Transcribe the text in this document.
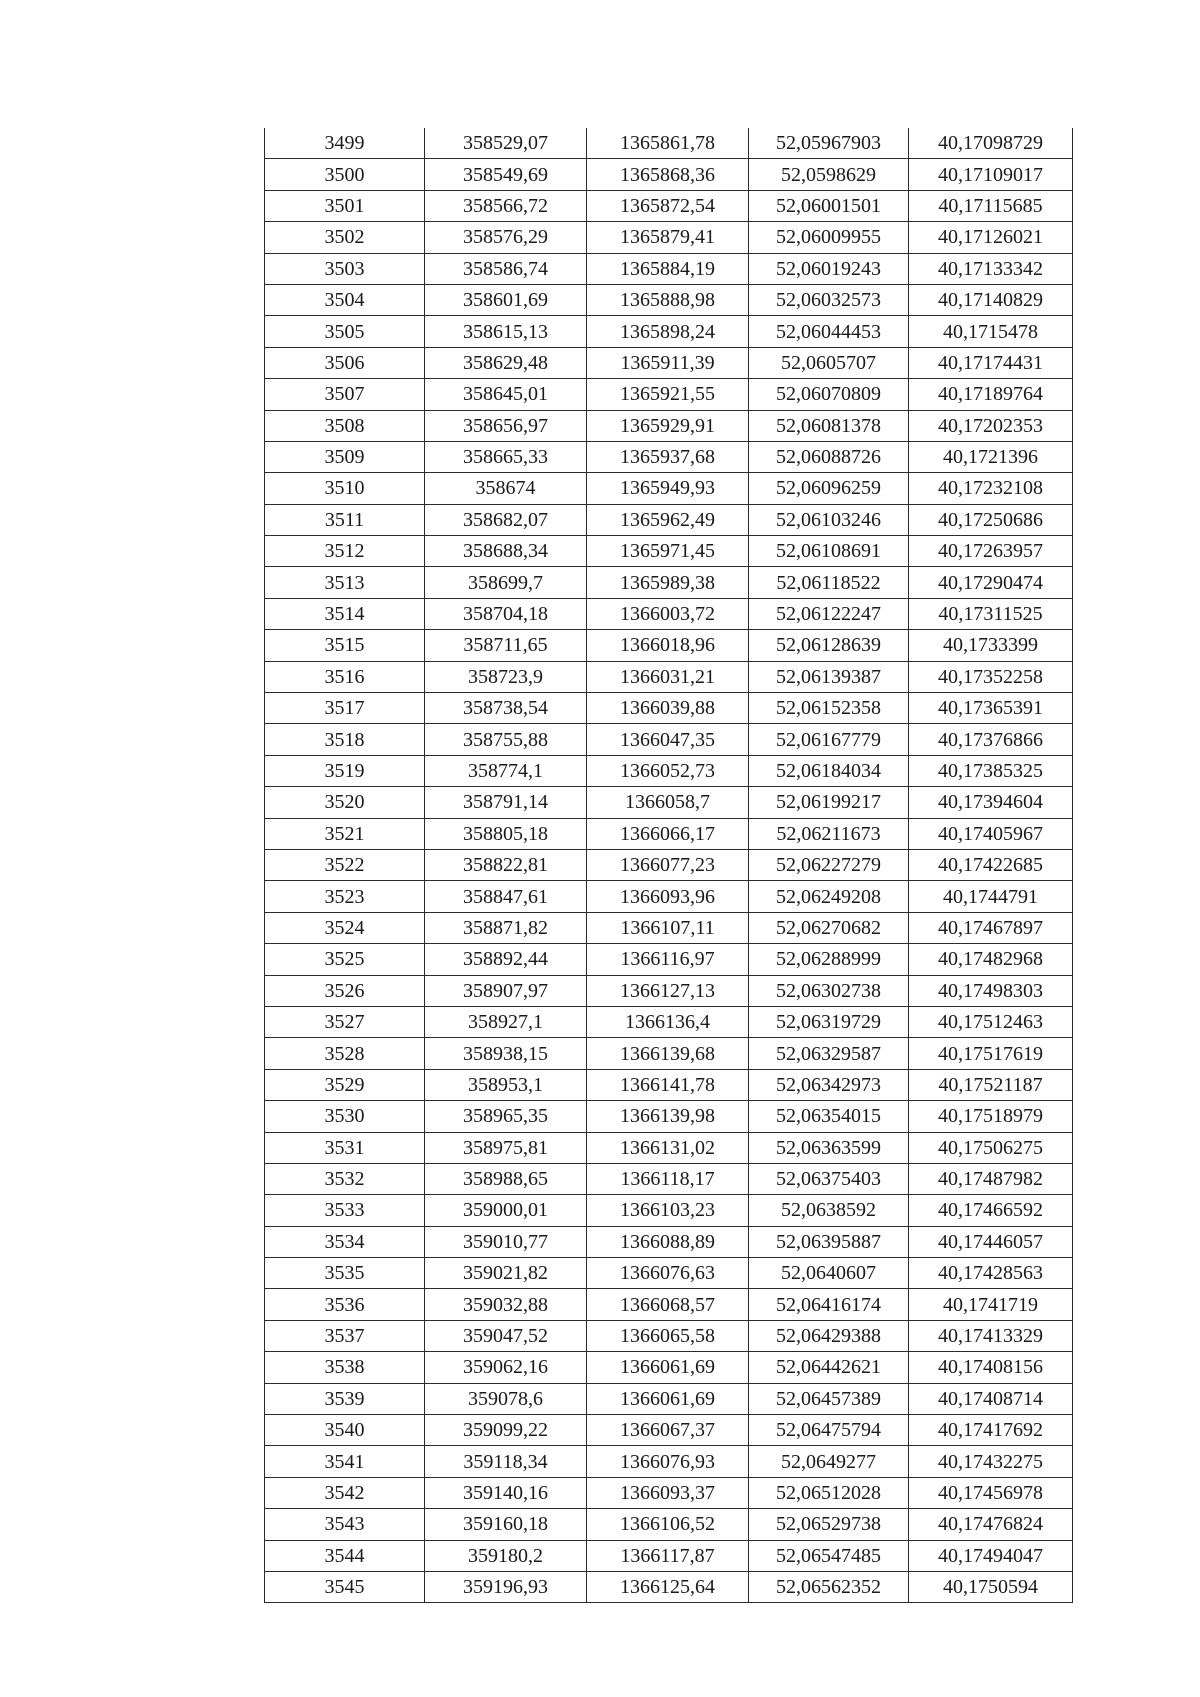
3499	358529,07	1365861,78	52,05967903	40,17098729
3500	358549,69	1365868,36	52,0598629	40,17109017
3501	358566,72	1365872,54	52,06001501	40,17115685
3502	358576,29	1365879,41	52,06009955	40,17126021
3503	358586,74	1365884,19	52,06019243	40,17133342
3504	358601,69	1365888,98	52,06032573	40,17140829
3505	358615,13	1365898,24	52,06044453	40,1715478
3506	358629,48	1365911,39	52,0605707	40,17174431
3507	358645,01	1365921,55	52,06070809	40,17189764
3508	358656,97	1365929,91	52,06081378	40,17202353
3509	358665,33	1365937,68	52,06088726	40,1721396
3510	358674	1365949,93	52,06096259	40,17232108
3511	358682,07	1365962,49	52,06103246	40,17250686
3512	358688,34	1365971,45	52,06108691	40,17263957
3513	358699,7	1365989,38	52,06118522	40,17290474
3514	358704,18	1366003,72	52,06122247	40,17311525
3515	358711,65	1366018,96	52,06128639	40,1733399
3516	358723,9	1366031,21	52,06139387	40,17352258
3517	358738,54	1366039,88	52,06152358	40,17365391
3518	358755,88	1366047,35	52,06167779	40,17376866
3519	358774,1	1366052,73	52,06184034	40,17385325
3520	358791,14	1366058,7	52,06199217	40,17394604
3521	358805,18	1366066,17	52,06211673	40,17405967
3522	358822,81	1366077,23	52,06227279	40,17422685
3523	358847,61	1366093,96	52,06249208	40,1744791
3524	358871,82	1366107,11	52,06270682	40,17467897
3525	358892,44	1366116,97	52,06288999	40,17482968
3526	358907,97	1366127,13	52,06302738	40,17498303
3527	358927,1	1366136,4	52,06319729	40,17512463
3528	358938,15	1366139,68	52,06329587	40,17517619
3529	358953,1	1366141,78	52,06342973	40,17521187
3530	358965,35	1366139,98	52,06354015	40,17518979
3531	358975,81	1366131,02	52,06363599	40,17506275
3532	358988,65	1366118,17	52,06375403	40,17487982
3533	359000,01	1366103,23	52,0638592	40,17466592
3534	359010,77	1366088,89	52,06395887	40,17446057
3535	359021,82	1366076,63	52,0640607	40,17428563
3536	359032,88	1366068,57	52,06416174	40,1741719
3537	359047,52	1366065,58	52,06429388	40,17413329
3538	359062,16	1366061,69	52,06442621	40,17408156
3539	359078,6	1366061,69	52,06457389	40,17408714
3540	359099,22	1366067,37	52,06475794	40,17417692
3541	359118,34	1366076,93	52,0649277	40,17432275
3542	359140,16	1366093,37	52,06512028	40,17456978
3543	359160,18	1366106,52	52,06529738	40,17476824
3544	359180,2	1366117,87	52,06547485	40,17494047
3545	359196,93	1366125,64	52,06562352	40,1750594
